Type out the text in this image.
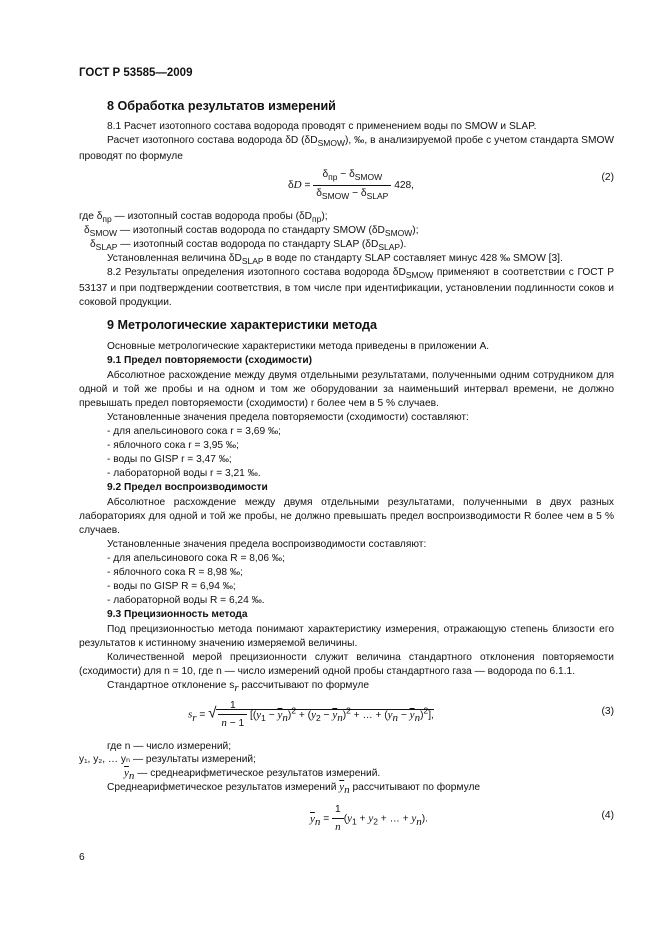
ГОСТ Р 53585—2009
8 Обработка результатов измерений
8.1 Расчет изотопного состава водорода проводят с применением воды по SMOW и SLAP.
Расчет изотопного состава водорода δD $(\delta D_{SMOW})$, ‰, в анализируемой пробе с учетом стандарта SMOW проводят по формуле
$\delta D = \frac{\delta_{пр} - \delta_{SMOW}}{\delta_{SMOW} - \delta_{SLAP}} 428$,
(2)
где $\delta_{пр}$ — изотопный состав водорода пробы $(\delta D_{пр})$;
$\delta_{SMOW}$ — изотопный состав водорода по стандарту SMOW $(\delta D_{SMOW})$;
$\delta_{SLAP}$ — изотопный состав водорода по стандарту SLAP $(\delta D_{SLAP})$.
Установленная величина $\delta D_{SLAP}$ в воде по стандарту SLAP составляет минус 428 ‰ SMOW [3].
8.2 Результаты определения изотопного состава водорода $\delta D_{SMOW}$ применяют в соответствии с ГОСТ Р 53137 и при подтверждении соответствия, в том числе при идентификации, установлении подлинности соков и соковой продукции.
9 Метрологические характеристики метода
Основные метрологические характеристики метода приведены в приложении А.
9.1 Предел повторяемости (сходимости)
Абсолютное расхождение между двумя отдельными результатами, полученными одним сотрудником для одной и той же пробы и на одном и том же оборудовании за наименьший интервал времени, не должно превышать предел повторяемости (сходимости) r более чем в 5 % случаев.
Установленные значения предела повторяемости (сходимости) составляют:
- для апельсинового сока r = 3,69 ‰;
- яблочного сока r = 3,95 ‰;
- воды по GISP r = 3,47 ‰;
- лабораторной воды r = 3,21 ‰.
9.2 Предел воспроизводимости
Абсолютное расхождение между двумя отдельными результатами, полученными в двух разных лабораториях для одной и той же пробы, не должно превышать предел воспроизводимости R более чем в 5 % случаев.
Установленные значения предела воспроизводимости составляют:
- для апельсинового сока R = 8,06 ‰;
- яблочного сока R = 8,98 ‰;
- воды по GISP R = 6,94 ‰;
- лабораторной воды R = 6,24 ‰.
9.3 Прецизионность метода
Под прецизионностью метода понимают характеристику измерения, отражающую степень близости его результатов к истинному значению измеряемой величины.
Количественной мерой прецизионности служит величина стандартного отклонения повторяемости (сходимости) для n = 10, где n — число измерений одной пробы стандартного газа — водорода по 6.1.1.
Стандартное отклонение $s_r$ рассчитывают по формуле
$s_r$ = √ $\frac{1}{n - 1} [(y_1 - \overline{y}_n)^2 + (y_2 - \overline{y}_n)^2$ + … + $(y_n - \overline{y}_n)^2$],	(3)
где n — число измерений;
y₁, y₂, … yₙ — результаты измерений;
$\overline{y}_n$ — среднеарифметическое результатов измерений.
Среднеарифметическое результатов измерений $\overline{y}_n$ рассчитывают по формуле
$\overline{y}_n = \frac{1}{n} (y_1 + y_2$ + … + $y_n$).	(4)
6
